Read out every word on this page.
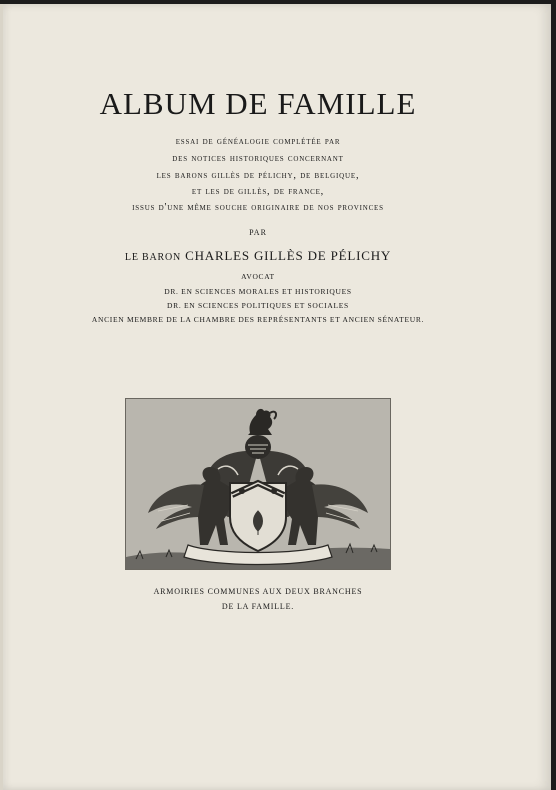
ALBUM DE FAMILLE
essai de généalogie complétée par
des notices historiques concernant
les barons gillès de pélichy, de belgique,
et les de gillès, de france,
issus d'une même souche originaire de nos provinces
PAR
LE BARON CHARLES GILLÈS DE PÉLICHY
AVOCAT
DR. EN SCIENCES MORALES ET HISTORIQUES
DR. EN SCIENCES POLITIQUES ET SOCIALES
ANCIEN MEMBRE DE LA CHAMBRE DES REPRÉSENTANTS ET ANCIEN SÉNATEUR.
ARMOIRIES COMMUNES AUX DEUX BRANCHES
DE LA FAMILLE.
